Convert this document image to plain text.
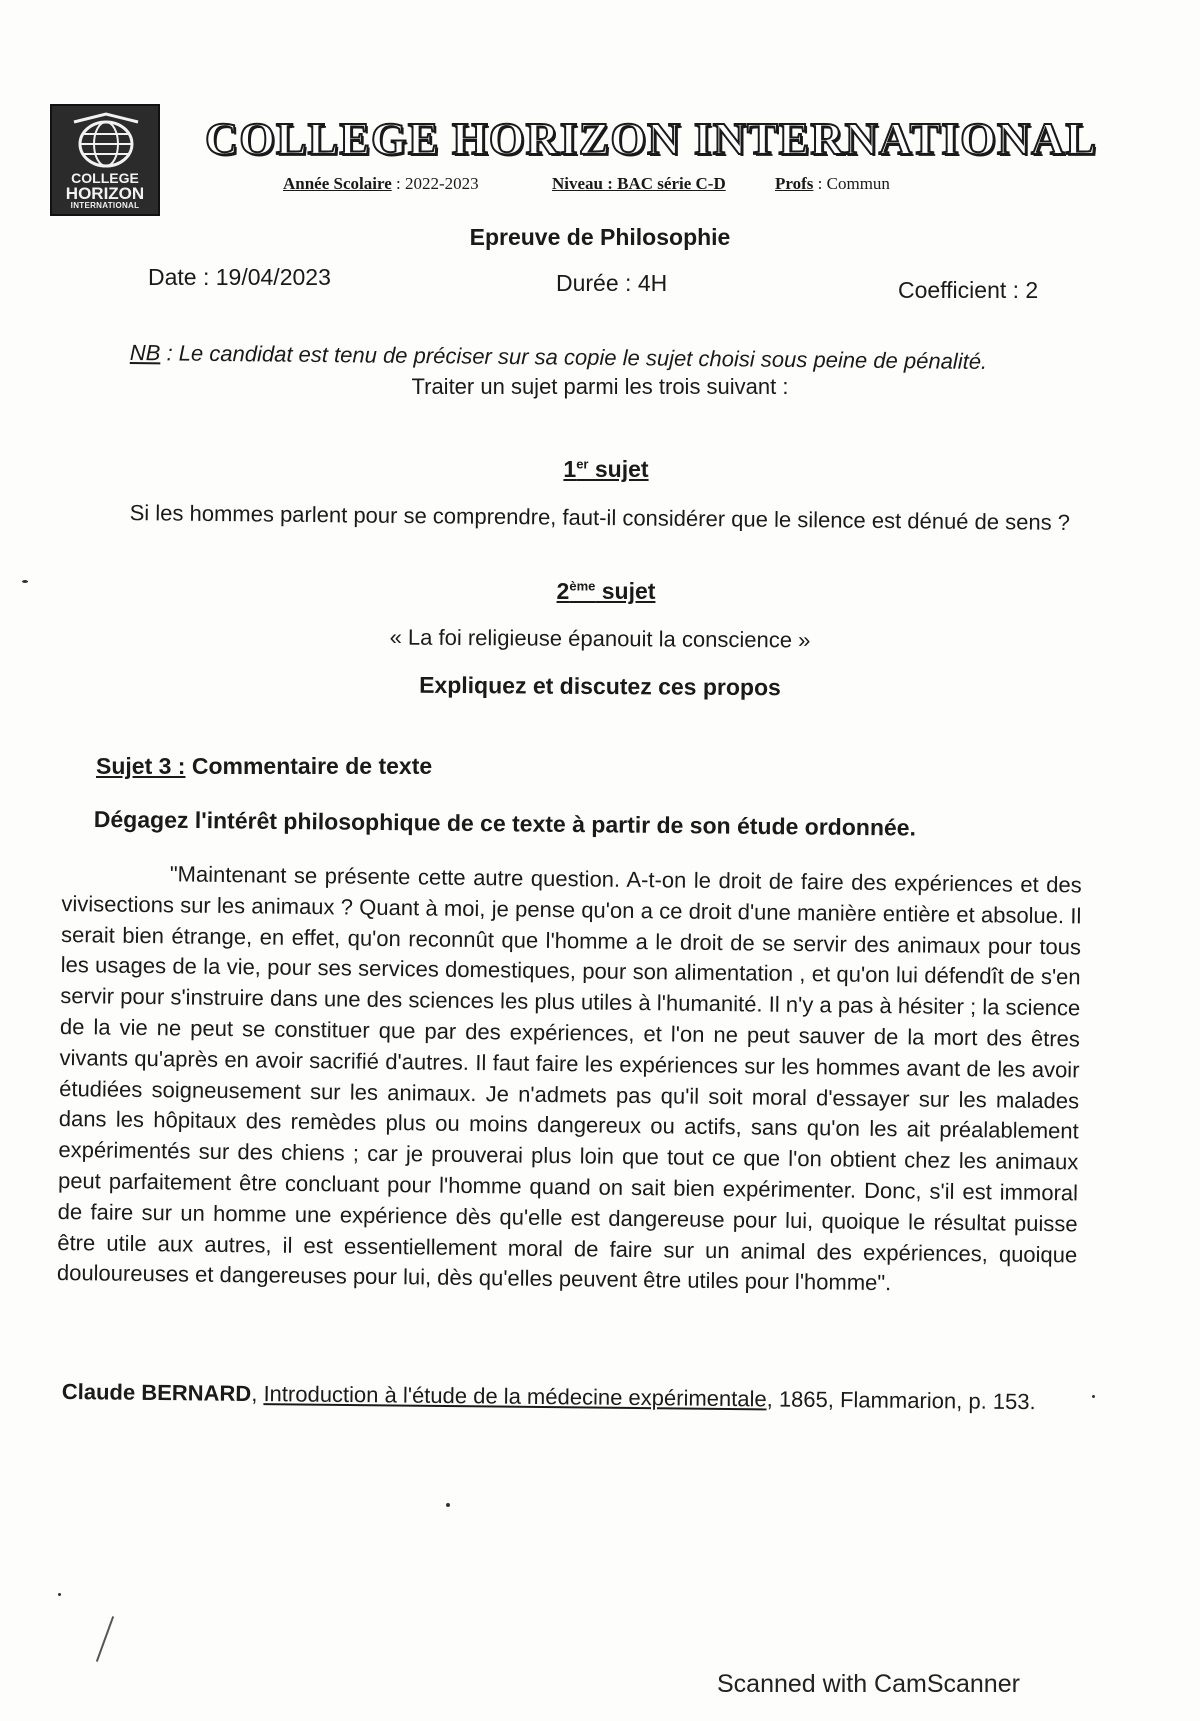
COLLEGE
HORIZON
INTERNATIONAL
COLLEGE HORIZON INTERNATIONAL
Année Scolaire : 2022-2023	Niveau : BAC série C-D	Profs : Commun
Epreuve de Philosophie
Date : 19/04/2023	Durée : 4H	Coefficient : 2
NB : Le candidat est tenu de préciser sur sa copie le sujet choisi sous peine de pénalité.
Traiter un sujet parmi les trois suivant :
1er sujet
Si les hommes parlent pour se comprendre, faut-il considérer que le silence est dénué de sens ?
2ème sujet
« La foi religieuse épanouit la conscience »
Expliquez et discutez ces propos
Sujet 3 : Commentaire de texte
Dégagez l'intérêt philosophique de ce texte à partir de son étude ordonnée.

"Maintenant se présente cette autre question. A-t-on le droit de faire des expériences et des vivisections sur les animaux ? Quant à moi, je pense qu'on a ce droit d'une manière entière et absolue. Il serait bien étrange, en effet, qu'on reconnût que l'homme a le droit de se servir des animaux pour tous les usages de la vie, pour ses services domestiques, pour son alimentation , et qu'on lui défendît de s'en servir pour s'instruire dans une des sciences les plus utiles à l'humanité. Il n'y a pas à hésiter ; la science de la vie ne peut se constituer que par des expériences, et l'on ne peut sauver de la mort des êtres vivants qu'après en avoir sacrifié d'autres. Il faut faire les expériences sur les hommes avant de les avoir étudiées soigneusement sur les animaux. Je n'admets pas qu'il soit moral d'essayer sur les malades dans les hôpitaux des remèdes plus ou moins dangereux ou actifs, sans qu'on les ait préalablement expérimentés sur des chiens ; car je prouverai plus loin que tout ce que l'on obtient chez les animaux peut parfaitement être concluant pour l'homme quand on sait bien expérimenter. Donc, s'il est immoral de faire sur un homme une expérience dès qu'elle est dangereuse pour lui, quoique le résultat puisse être utile aux autres, il est essentiellement moral de faire sur un animal des expériences, quoique douloureuses et dangereuses pour lui, dès qu'elles peuvent être utiles pour l'homme".

Claude BERNARD, Introduction à l'étude de la médecine expérimentale, 1865, Flammarion, p. 153.
Scanned with CamScanner
